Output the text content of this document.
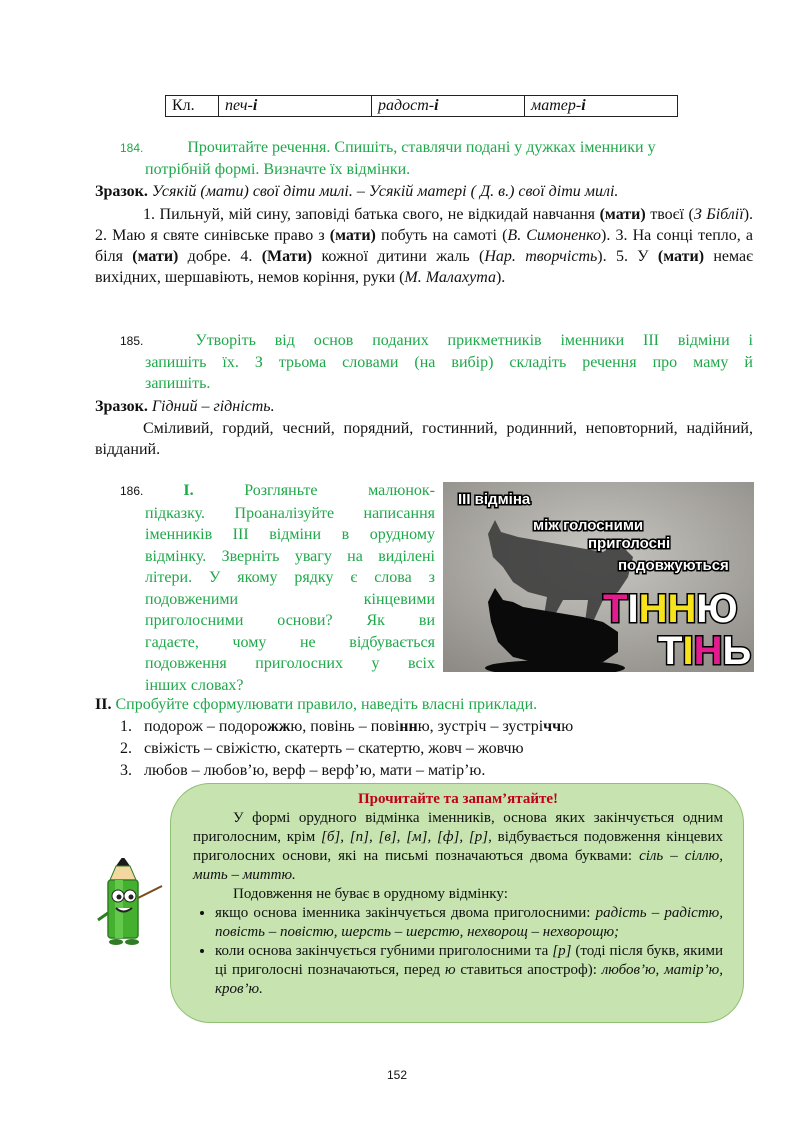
Кл.	печ-і	радост-і	матер-і
184.	Прочитайте речення. Спишіть, ставлячи подані у дужках іменники у
потрібній формі. Визначте їх відмінки.
Зразок. Усякій (мати) свої діти милі. – Усякій матері ( Д. в.) свої діти милі.
1. Пильнуй, мій сину, заповіді батька свого, не відкидай навчання (мати) твоєї (З Біблії). 2. Маю я святе синівське право з (мати) побуть на самоті (В. Симоненко). 3. На сонці тепло, а біля (мати) добре. 4. (Мати) кожної дитини жаль (Нар. творчість). 5. У (мати) немає вихідних, шершавіють, немов коріння, руки (М. Малахута).
185.	Утворіть від основ поданих прикметників іменники ІІІ відміни і
запишіть їх. З трьома словами (на вибір) складіть речення про маму й
запишіть.
Зразок. Гідний – гідність.
Сміливий, гордий, чесний, порядний, гостинний, родинний, неповторний, надійний, відданий.
186.	І.	Розгляньте малюнок-
підказку. Проаналізуйте написання
іменників ІІІ відміни в орудному
відмінку. Зверніть увагу на виділені
літери. У якому рядку є слова з
подовженими кінцевими
приголосними основи? Як ви
гадаєте, чому не відбувається
подовження приголосних у всіх
інших словах?
ІІІ відміна
між голосними
приголосні
подовжуються
ТІННЮ
ТІНЬ
ІІ. Спробуйте сформулювати правило, наведіть власні приклади.
1. подорож – подорожжю, повінь – повінню, зустріч – зустріччю
2. свіжість – свіжістю, скатерть – скатертю, жовч – жовчю
3. любов – любов’ю, верф – верф’ю, мати – матір’ю.
Прочитайте та запам’ятайте!
У формі орудного відмінка іменників, основа яких закінчується одним приголосним, крім [б], [п], [в], [м], [ф], [р], відбувається подовження кінцевих приголосних основи, які на письмі позначаються двома буквами: сіль – сіллю, мить – миттю.
Подовження не буває в орудному відмінку:
• якщо основа іменника закінчується двома приголосними: радість – радістю, повість – повістю, шерсть – шерстю, нехворощ – нехворощю;
• коли основа закінчується губними приголосними та [р] (тоді після букв, якими ці приголосні позначаються, перед ю ставиться апостроф): любов’ю, матір’ю, кров’ю.
152
